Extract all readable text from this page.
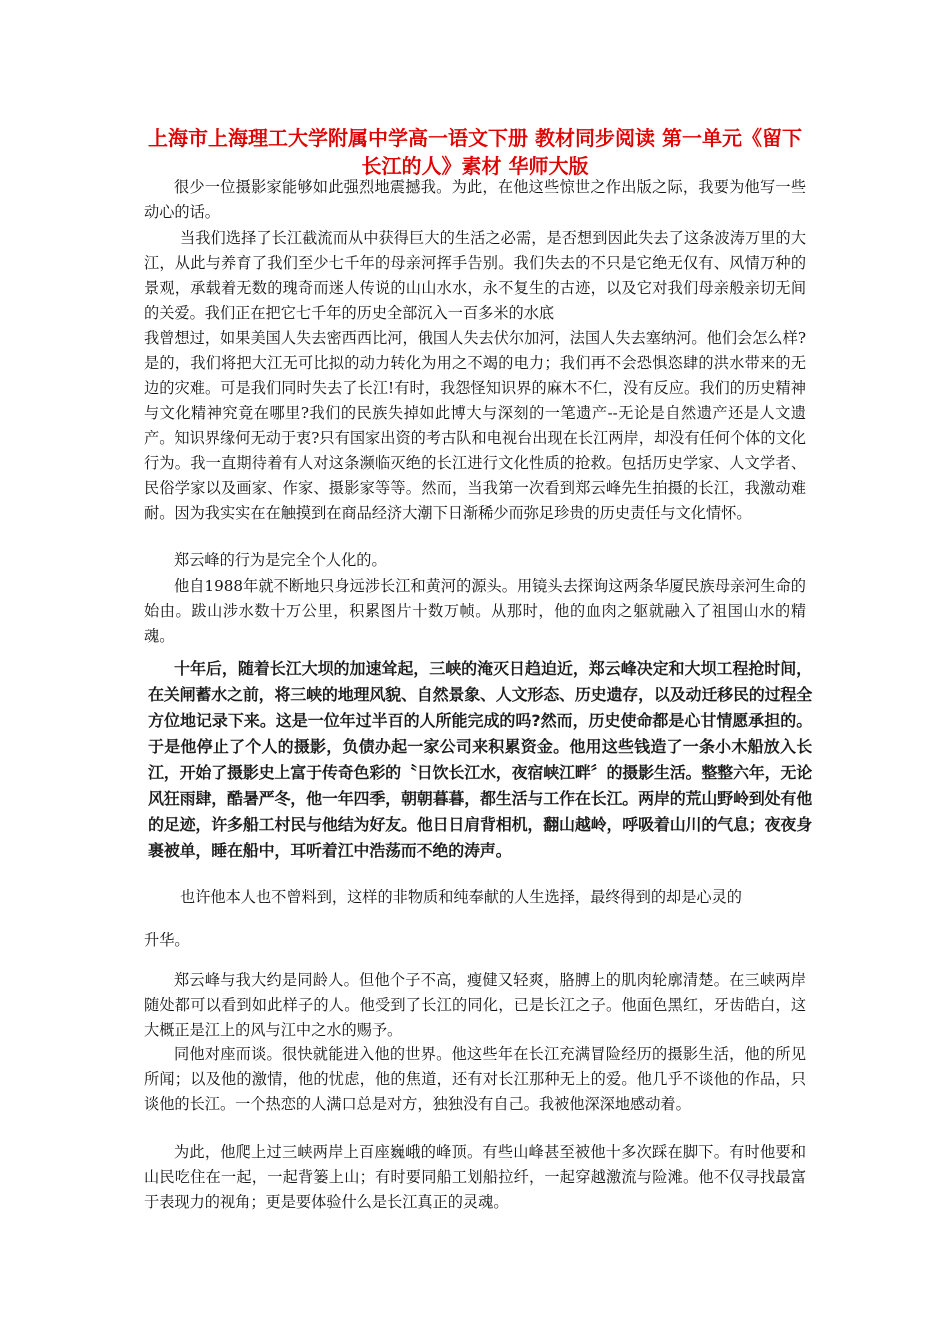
上海市上海理工大学附属中学高一语文下册 教材同步阅读 第一单元《留下长江的人》素材 华师大版

很少一位摄影家能够如此强烈地震撼我。为此，在他这些惊世之作出版之际，我要为他写一些动心的话。

当我们选择了长江截流而从中获得巨大的生活之必需，是否想到因此失去了这条波涛万里的大江，从此与养育了我们至少七千年的母亲河挥手告别。我们失去的不只是它绝无仅有、风情万种的景观，承载着无数的瑰奇而迷人传说的山山水水，永不复生的古迹，以及它对我们母亲般亲切无间的关爱。我们正在把它七千年的历史全部沉入一百多米的水底

我曾想过，如果美国人失去密西西比河，俄国人失去伏尔加河，法国人失去塞纳河。他们会怎么样?是的，我们将把大江无可比拟的动力转化为用之不竭的电力；我们再不会恐惧恣肆的洪水带来的无边的灾难。可是我们同时失去了长江!有时，我怨怪知识界的麻木不仁，没有反应。我们的历史精神与文化精神究竟在哪里?我们的民族失掉如此博大与深刻的一笔遗产--无论是自然遗产还是人文遗产。知识界缘何无动于衷?只有国家出资的考古队和电视台出现在长江两岸，却没有任何个体的文化行为。我一直期待着有人对这条濒临灭绝的长江进行文化性质的抢救。包括历史学家、人文学者、民俗学家以及画家、作家、摄影家等等。然而，当我第一次看到郑云峰先生拍摄的长江，我激动难耐。因为我实实在在触摸到在商品经济大潮下日渐稀少而弥足珍贵的历史责任与文化情怀。

郑云峰的行为是完全个人化的。

他自1988年就不断地只身远涉长江和黄河的源头。用镜头去探询这两条华厦民族母亲河生命的始由。跋山涉水数十万公里，积累图片十数万帧。从那时，他的血肉之躯就融入了祖国山水的精魂。

十年后，随着长江大坝的加速耸起，三峡的淹灭日趋迫近，郑云峰决定和大坝工程抢时间，在关闸蓄水之前，将三峡的地理风貌、自然景象、人文形态、历史遗存，以及动迁移民的过程全方位地记录下来。这是一位年过半百的人所能完成的吗?然而，历史使命都是心甘情愿承担的。于是他停止了个人的摄影，负债办起一家公司来积累资金。他用这些钱造了一条小木船放入长江，开始了摄影史上富于传奇色彩的〝日饮长江水，夜宿峡江畔〞的摄影生活。整整六年，无论风狂雨肆，酷暑严冬，他一年四季，朝朝暮暮，都生活与工作在长江。两岸的荒山野岭到处有他的足迹，许多船工村民与他结为好友。他日日肩背相机，翻山越岭，呼吸着山川的气息；夜夜身裹被单，睡在船中，耳听着江中浩荡而不绝的涛声。

也许他本人也不曾料到，这样的非物质和纯奉献的人生选择，最终得到的却是心灵的

升华。

郑云峰与我大约是同龄人。但他个子不高，瘦健又轻爽，胳膊上的肌肉轮廓清楚。在三峡两岸随处都可以看到如此样子的人。他受到了长江的同化，已是长江之子。他面色黑红，牙齿皓白，这大概正是江上的风与江中之水的赐予。

同他对座而谈。很快就能进入他的世界。他这些年在长江充满冒险经历的摄影生活，他的所见所闻；以及他的激情，他的忧虑，他的焦道，还有对长江那种无上的爱。他几乎不谈他的作品，只谈他的长江。一个热恋的人满口总是对方，独独没有自己。我被他深深地感动着。

为此，他爬上过三峡两岸上百座巍峨的峰顶。有些山峰甚至被他十多次踩在脚下。有时他要和山民吃住在一起，一起背篓上山；有时要同船工划船拉纤，一起穿越激流与险滩。他不仅寻找最富于表现力的视角；更是要体验什么是长江真正的灵魂。
